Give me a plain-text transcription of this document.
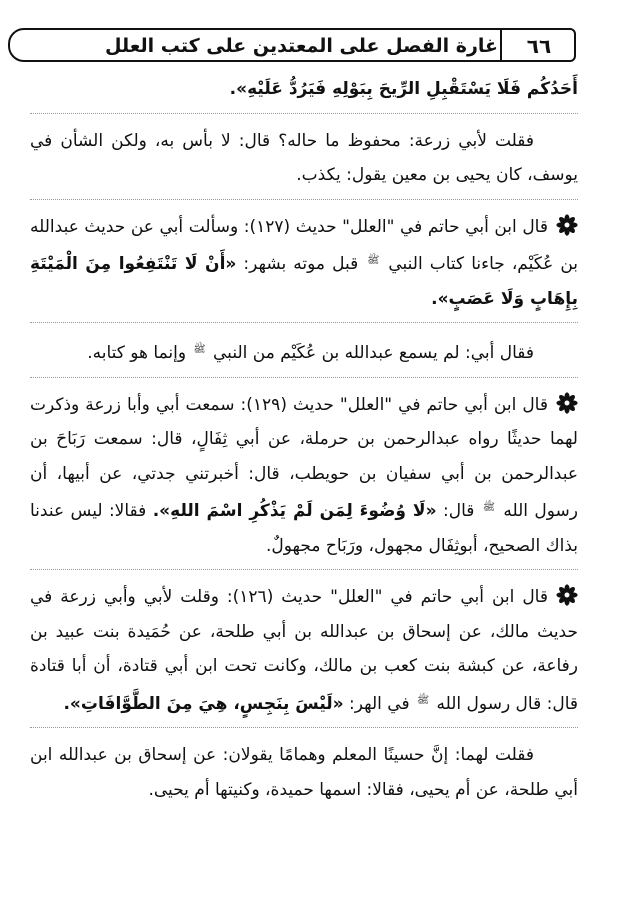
٦٦
غارة الفصل على المعتدين على كتب العلل

أَحَدُكُم فَلَا يَسْتَقْبِلِ الرِّيحَ بِبَوْلِهِ فَيَرُدُّ عَلَيْهِ».

فقلت لأبي زرعة: محفوظ ما حاله؟ قال: لا بأس به، ولكن الشأن في يوسف، كان يحيى بن معين يقول: يكذب.

قال ابن أبي حاتم في "العلل" حديث (١٢٧): وسألت أبي عن حديث عبدالله بن عُكَيْم، جاءنا كتاب النبي $^ﷺ$ قبل موته بشهر: «أَنْ لَا تَنْتَفِعُوا مِنَ الْمَيْتَةِ بِإِهَابٍ وَلَا عَصَبٍ».

فقال أبي: لم يسمع عبدالله بن عُكَيْم من النبي $^ﷺ$ وإنما هو كتابه.

قال ابن أبي حاتم في "العلل" حديث (١٢٩): سمعت أبي وأبا زرعة وذكرت لهما حديثًا رواه عبدالرحمن بن حرملة، عن أبي ثِفَالٍ، قال: سمعت رَبَاحَ بن عبدالرحمن بن أبي سفيان بن حويطب، قال: أخبرتني جدتي، عن أبيها، أن رسول الله $^ﷺ$ قال: «لَا وُضُوءَ لِمَن لَمْ يَذْكُرِ اسْمَ اللهِ». فقالا: ليس عندنا بذاك الصحيح، أبوثِفَال مجهول، ورَبَاح مجهولٌ.

قال ابن أبي حاتم في "العلل" حديث (١٢٦): وقلت لأبي وأبي زرعة في حديث مالك، عن إسحاق بن عبدالله بن أبي طلحة، عن حُمَيدة بنت عبيد بن رفاعة، عن كبشة بنت كعب بن مالك، وكانت تحت ابن أبي قتادة، أن أبا قتادة قال: قال رسول الله $^ﷺ$ في الهر: «لَيْسَ بِنَجِسٍ، هِيَ مِنَ الطَّوَّافَاتِ».

فقلت لهما: إنَّ حسينًا المعلم وهمامًا يقولان: عن إسحاق بن عبدالله ابن أبي طلحة، عن أم يحيى، فقالا: اسمها حميدة، وكنيتها أم يحيى.
